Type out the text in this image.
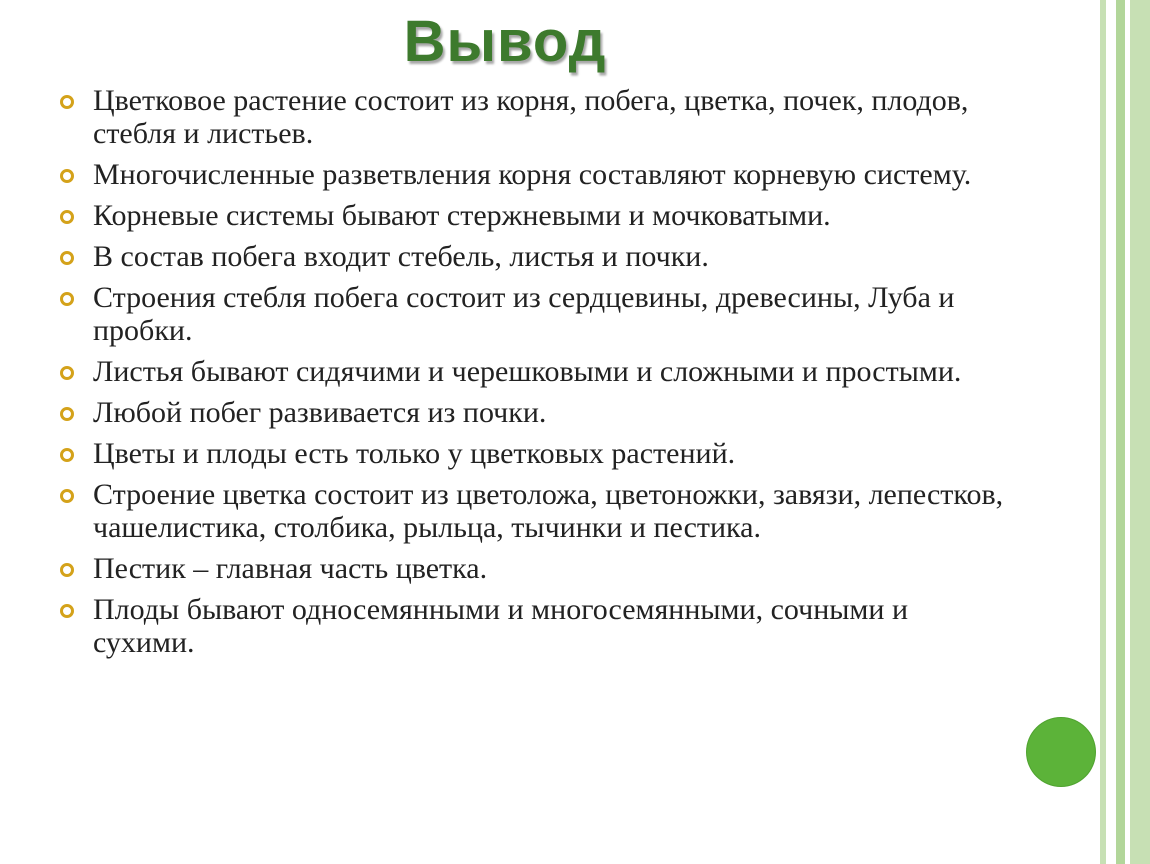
Вывод
Цветковое растение состоит из корня, побега, цветка, почек, плодов, стебля и листьев.
Многочисленные разветвления корня составляют корневую систему.
Корневые системы бывают стержневыми и мочковатыми.
В состав побега входит стебель, листья и почки.
Строения стебля побега состоит из сердцевины, древесины, Луба и пробки.
Листья бывают сидячими и черешковыми и сложными и простыми.
Любой побег развивается из почки.
Цветы и плоды есть только у цветковых растений.
Строение цветка состоит из цветоложа, цветоножки, завязи, лепестков, чашелистика, столбика, рыльца, тычинки и пестика.
Пестик – главная часть цветка.
Плоды бывают односемянными и многосемянными, сочными и сухими.
